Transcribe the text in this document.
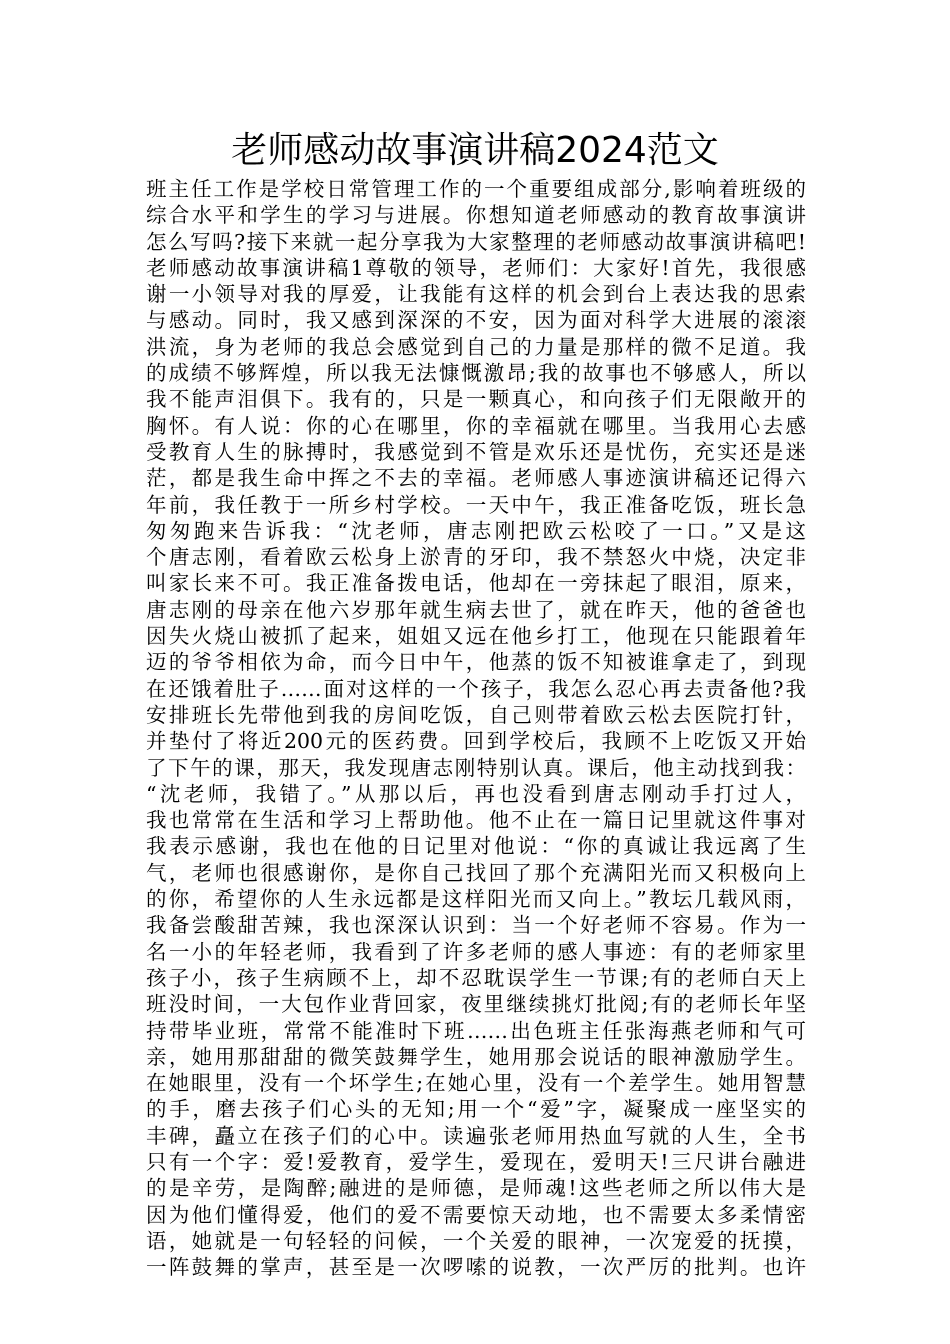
老师感动故事演讲稿2024范文
班主任工作是学校日常管理工作的一个重要组成部分,影响着班级的
综合水平和学生的学习与进展。你想知道老师感动的教育故事演讲
怎么写吗?接下来就一起分享我为大家整理的老师感动故事演讲稿吧!
老师感动故事演讲稿1尊敬的领导，老师们：大家好!首先，我很感
谢一小领导对我的厚爱，让我能有这样的机会到台上表达我的思索
与感动。同时，我又感到深深的不安，因为面对科学大进展的滚滚
洪流，身为老师的我总会感觉到自己的力量是那样的微不足道。我
的成绩不够辉煌，所以我无法慷慨激昂;我的故事也不够感人，所以
我不能声泪俱下。我有的，只是一颗真心，和向孩子们无限敞开的
胸怀。有人说：你的心在哪里，你的幸福就在哪里。当我用心去感
受教育人生的脉搏时，我感觉到不管是欢乐还是忧伤，充实还是迷
茫，都是我生命中挥之不去的幸福。老师感人事迹演讲稿还记得六
年前，我任教于一所乡村学校。一天中午，我正准备吃饭，班长急
匆匆跑来告诉我：“沈老师，唐志刚把欧云松咬了一口。”又是这
个唐志刚，看着欧云松身上淤青的牙印，我不禁怒火中烧，决定非
叫家长来不可。我正准备拨电话，他却在一旁抹起了眼泪，原来，
唐志刚的母亲在他六岁那年就生病去世了，就在昨天，他的爸爸也
因失火烧山被抓了起来，姐姐又远在他乡打工，他现在只能跟着年
迈的爷爷相依为命，而今日中午，他蒸的饭不知被谁拿走了，到现
在还饿着肚子……面对这样的一个孩子，我怎么忍心再去责备他?我
安排班长先带他到我的房间吃饭，自己则带着欧云松去医院打针，
并垫付了将近200元的医药费。回到学校后，我顾不上吃饭又开始
了下午的课，那天，我发现唐志刚特别认真。课后，他主动找到我：
“沈老师，我错了。”从那以后，再也没看到唐志刚动手打过人，
我也常常在生活和学习上帮助他。他不止在一篇日记里就这件事对
我表示感谢，我也在他的日记里对他说：“你的真诚让我远离了生
气，老师也很感谢你，是你自己找回了那个充满阳光而又积极向上
的你，希望你的人生永远都是这样阳光而又向上。”教坛几载风雨，
我备尝酸甜苦辣，我也深深认识到：当一个好老师不容易。作为一
名一小的年轻老师，我看到了许多老师的感人事迹：有的老师家里
孩子小，孩子生病顾不上，却不忍耽误学生一节课;有的老师白天上
班没时间，一大包作业背回家，夜里继续挑灯批阅;有的老师长年坚
持带毕业班，常常不能准时下班……出色班主任张海燕老师和气可
亲，她用那甜甜的微笑鼓舞学生，她用那会说话的眼神激励学生。
在她眼里，没有一个坏学生;在她心里，没有一个差学生。她用智慧
的手，磨去孩子们心头的无知;用一个“爱”字，凝聚成一座坚实的
丰碑，矗立在孩子们的心中。读遍张老师用热血写就的人生，全书
只有一个字：爱!爱教育，爱学生，爱现在，爱明天!三尺讲台融进
的是辛劳，是陶醉;融进的是师德，是师魂!这些老师之所以伟大是
因为他们懂得爱，他们的爱不需要惊天动地，也不需要太多柔情密
语，她就是一句轻轻的问候，一个关爱的眼神，一次宠爱的抚摸，
一阵鼓舞的掌声，甚至是一次啰嗦的说教，一次严厉的批判。也许
